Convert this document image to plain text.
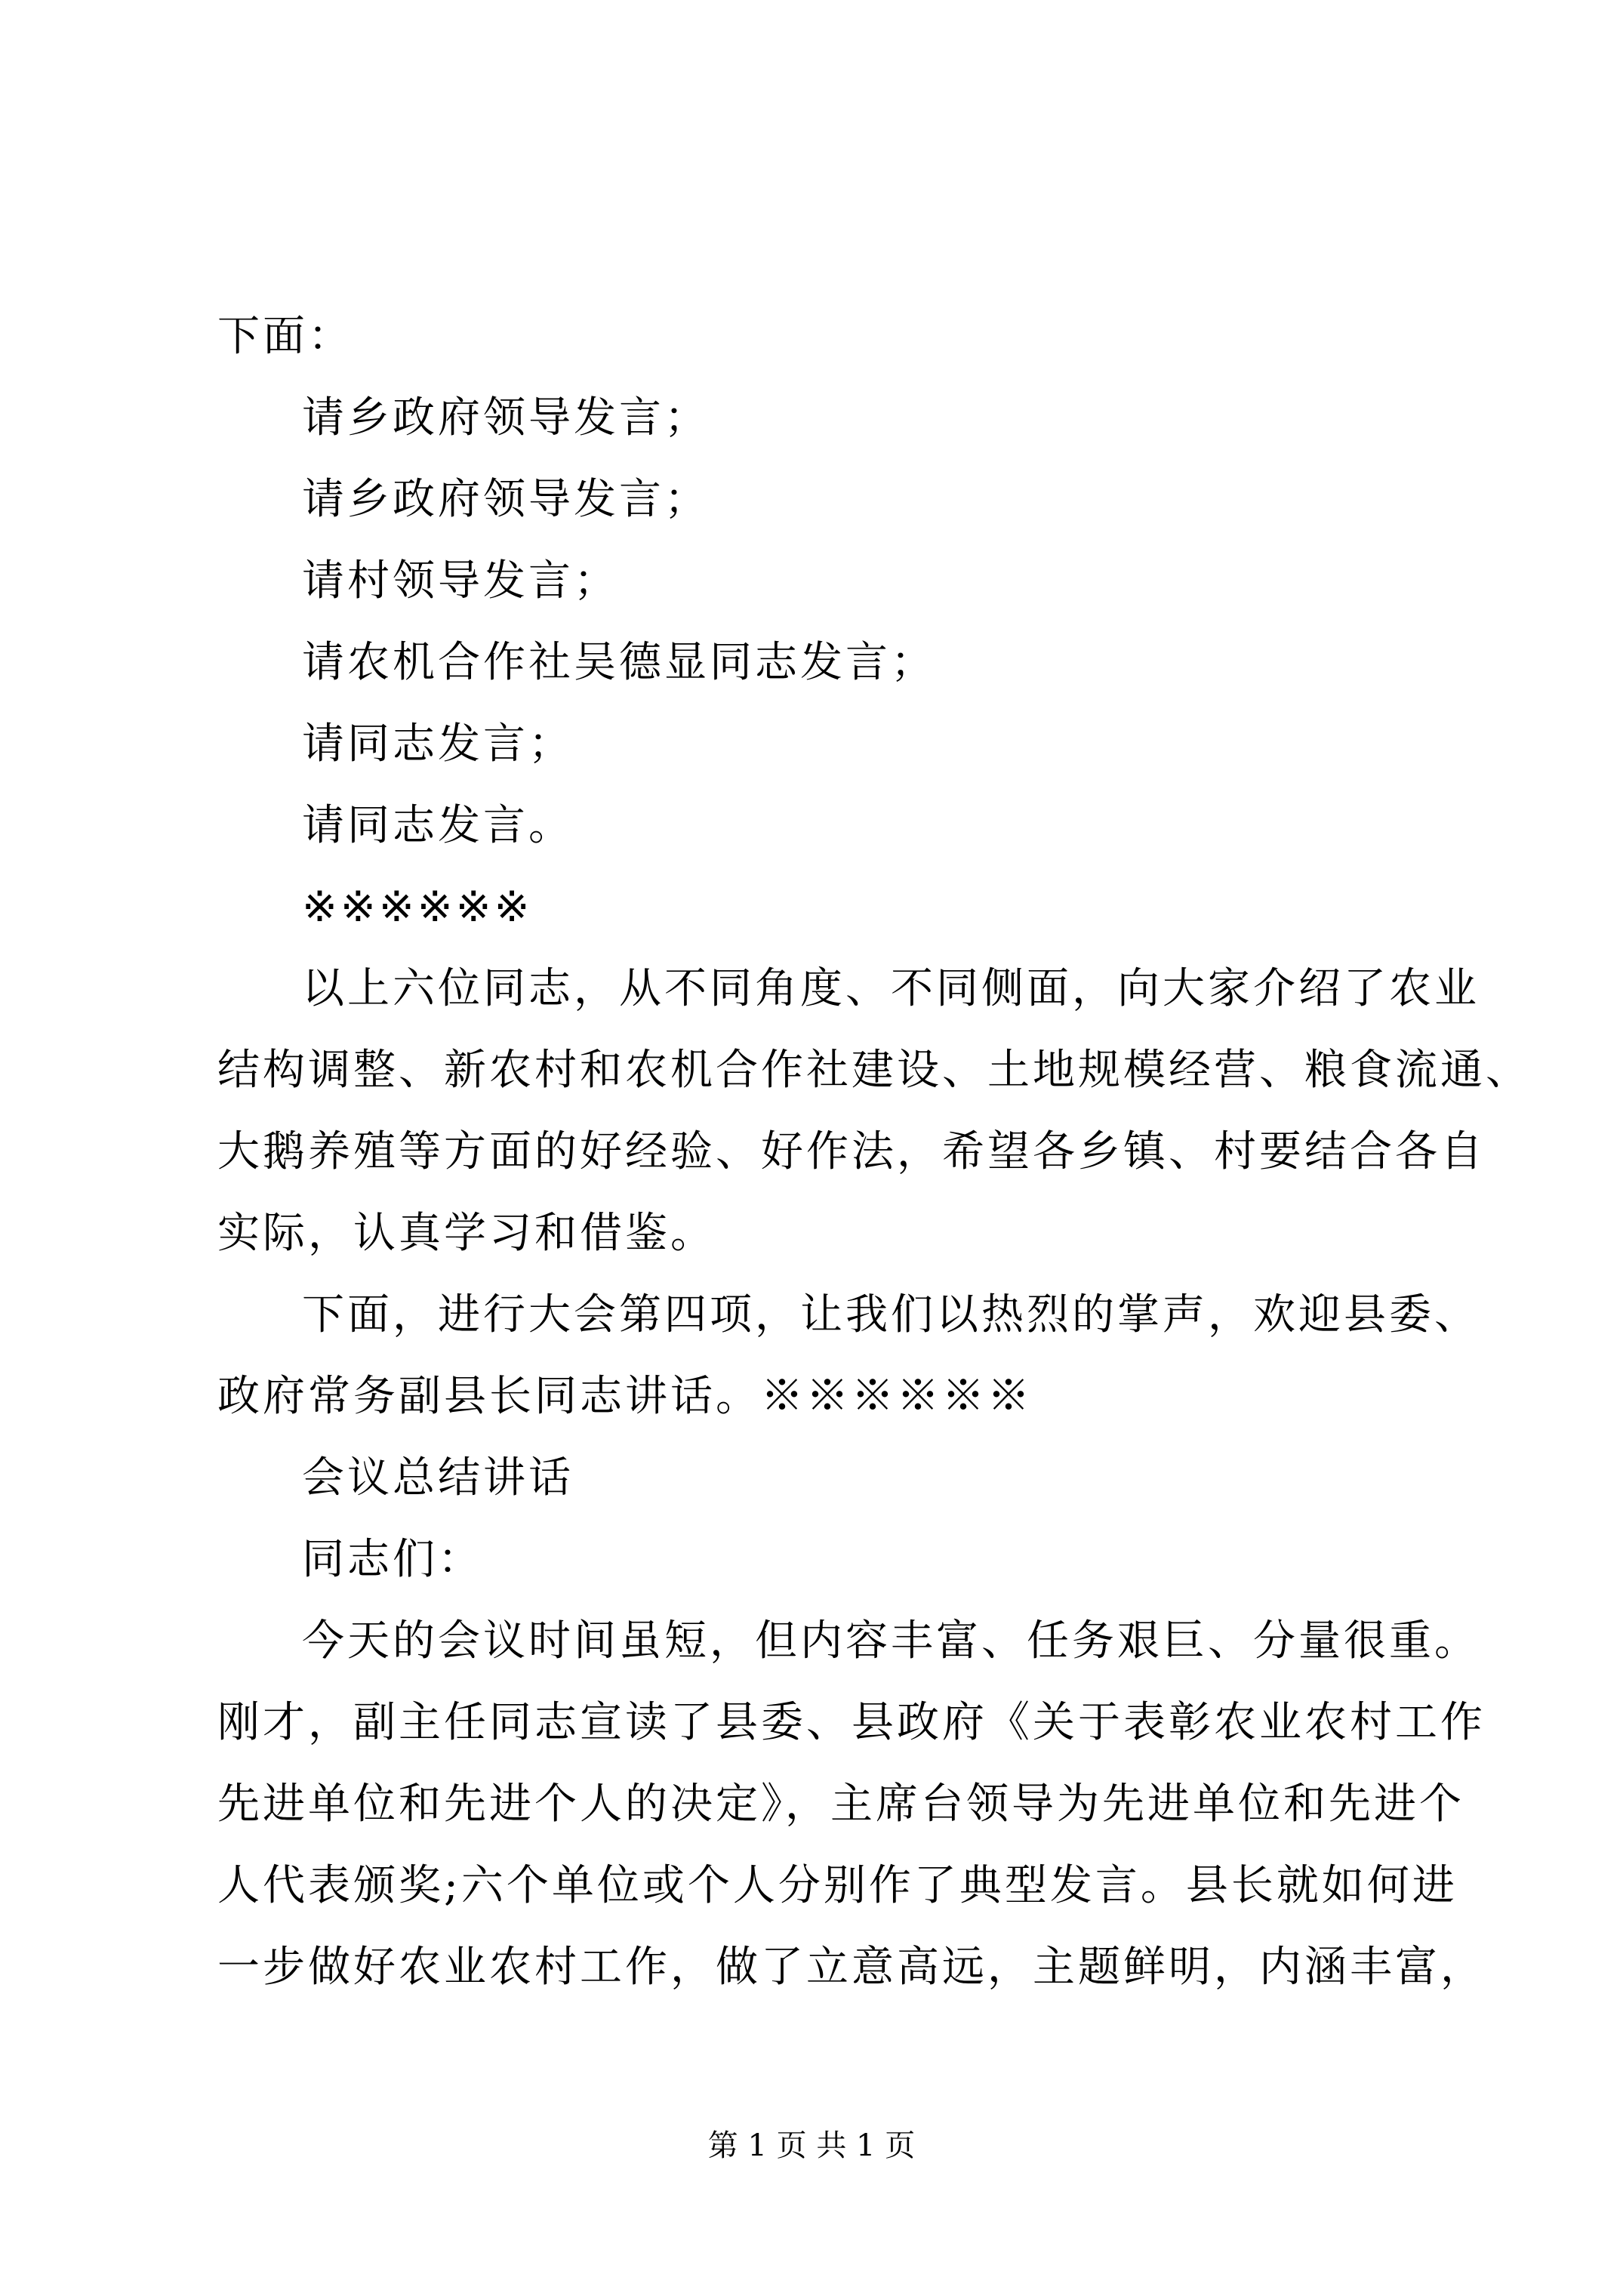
下面：
请乡政府领导发言；
请乡政府领导发言；
请村领导发言；
请农机合作社吴德显同志发言；
请同志发言；
请同志发言。
※※※※※※
以上六位同志，从不同角度、不同侧面，向大家介绍了农业
结构调整、新农村和农机合作社建设、土地规模经营、粮食流通、
大鹅养殖等方面的好经验、好作法，希望各乡镇、村要结合各自
实际，认真学习和借鉴。
下面，进行大会第四项，让我们以热烈的掌声，欢迎县委、
政府常务副县长同志讲话。※※※※※※
会议总结讲话
同志们：
今天的会议时间虽短，但内容丰富、任务艰巨、分量很重。
刚才，副主任同志宣读了县委、县政府《关于表彰农业农村工作
先进单位和先进个人的决定》，主席台领导为先进单位和先进个
人代表颁奖;六个单位或个人分别作了典型发言。县长就如何进
一步做好农业农村工作，做了立意高远，主题鲜明，内涵丰富，
第 1 页 共 1 页
